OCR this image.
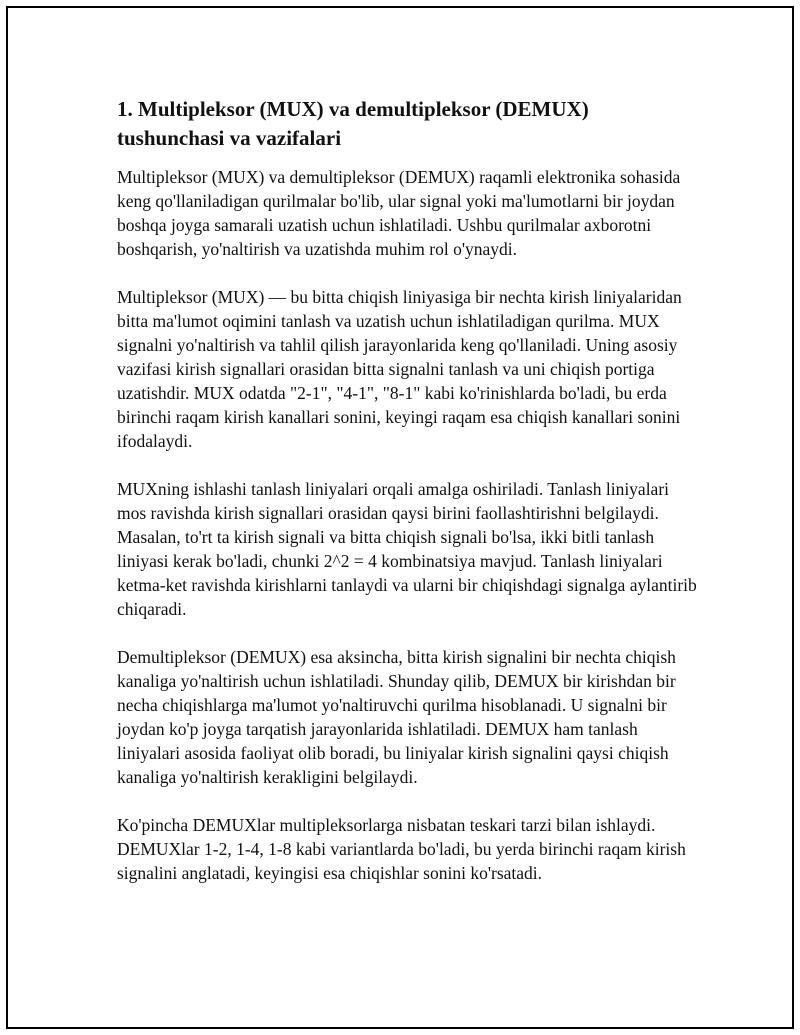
1. Multipleksor (MUX) va demultipleksor (DEMUX) tushunchasi va vazifalari

Multipleksor (MUX) va demultipleksor (DEMUX) raqamli elektronika sohasida keng qo'llaniladigan qurilmalar bo'lib, ular signal yoki ma'lumotlarni bir joydan boshqa joyga samarali uzatish uchun ishlatiladi. Ushbu qurilmalar axborotni boshqarish, yo'naltirish va uzatishda muhim rol o'ynaydi.

Multipleksor (MUX) — bu bitta chiqish liniyasiga bir nechta kirish liniyalaridan bitta ma'lumot oqimini tanlash va uzatish uchun ishlatiladigan qurilma. MUX signalni yo'naltirish va tahlil qilish jarayonlarida keng qo'llaniladi. Uning asosiy vazifasi kirish signallari orasidan bitta signalni tanlash va uni chiqish portiga uzatishdir. MUX odatda "2-1", "4-1", "8-1" kabi ko'rinishlarda bo'ladi, bu erda birinchi raqam kirish kanallari sonini, keyingi raqam esa chiqish kanallari sonini ifodalaydi.

MUXning ishlashi tanlash liniyalari orqali amalga oshiriladi. Tanlash liniyalari mos ravishda kirish signallari orasidan qaysi birini faollashtirishni belgilaydi. Masalan, to'rt ta kirish signali va bitta chiqish signali bo'lsa, ikki bitli tanlash liniyasi kerak bo'ladi, chunki 2^2 = 4 kombinatsiya mavjud. Tanlash liniyalari ketma-ket ravishda kirishlarni tanlaydi va ularni bir chiqishdagi signalga aylantirib chiqaradi.

Demultipleksor (DEMUX) esa aksincha, bitta kirish signalini bir nechta chiqish kanaliga yo'naltirish uchun ishlatiladi. Shunday qilib, DEMUX bir kirishdan bir necha chiqishlarga ma'lumot yo'naltiruvchi qurilma hisoblanadi. U signalni bir joydan ko'p joyga tarqatish jarayonlarida ishlatiladi. DEMUX ham tanlash liniyalari asosida faoliyat olib boradi, bu liniyalar kirish signalini qaysi chiqish kanaliga yo'naltirish kerakligini belgilaydi.

Ko'pincha DEMUXlar multipleksorlarga nisbatan teskari tarzi bilan ishlaydi. DEMUXlar 1-2, 1-4, 1-8 kabi variantlarda bo'ladi, bu yerda birinchi raqam kirish signalini anglatadi, keyingisi esa chiqishlar sonini ko'rsatadi.
